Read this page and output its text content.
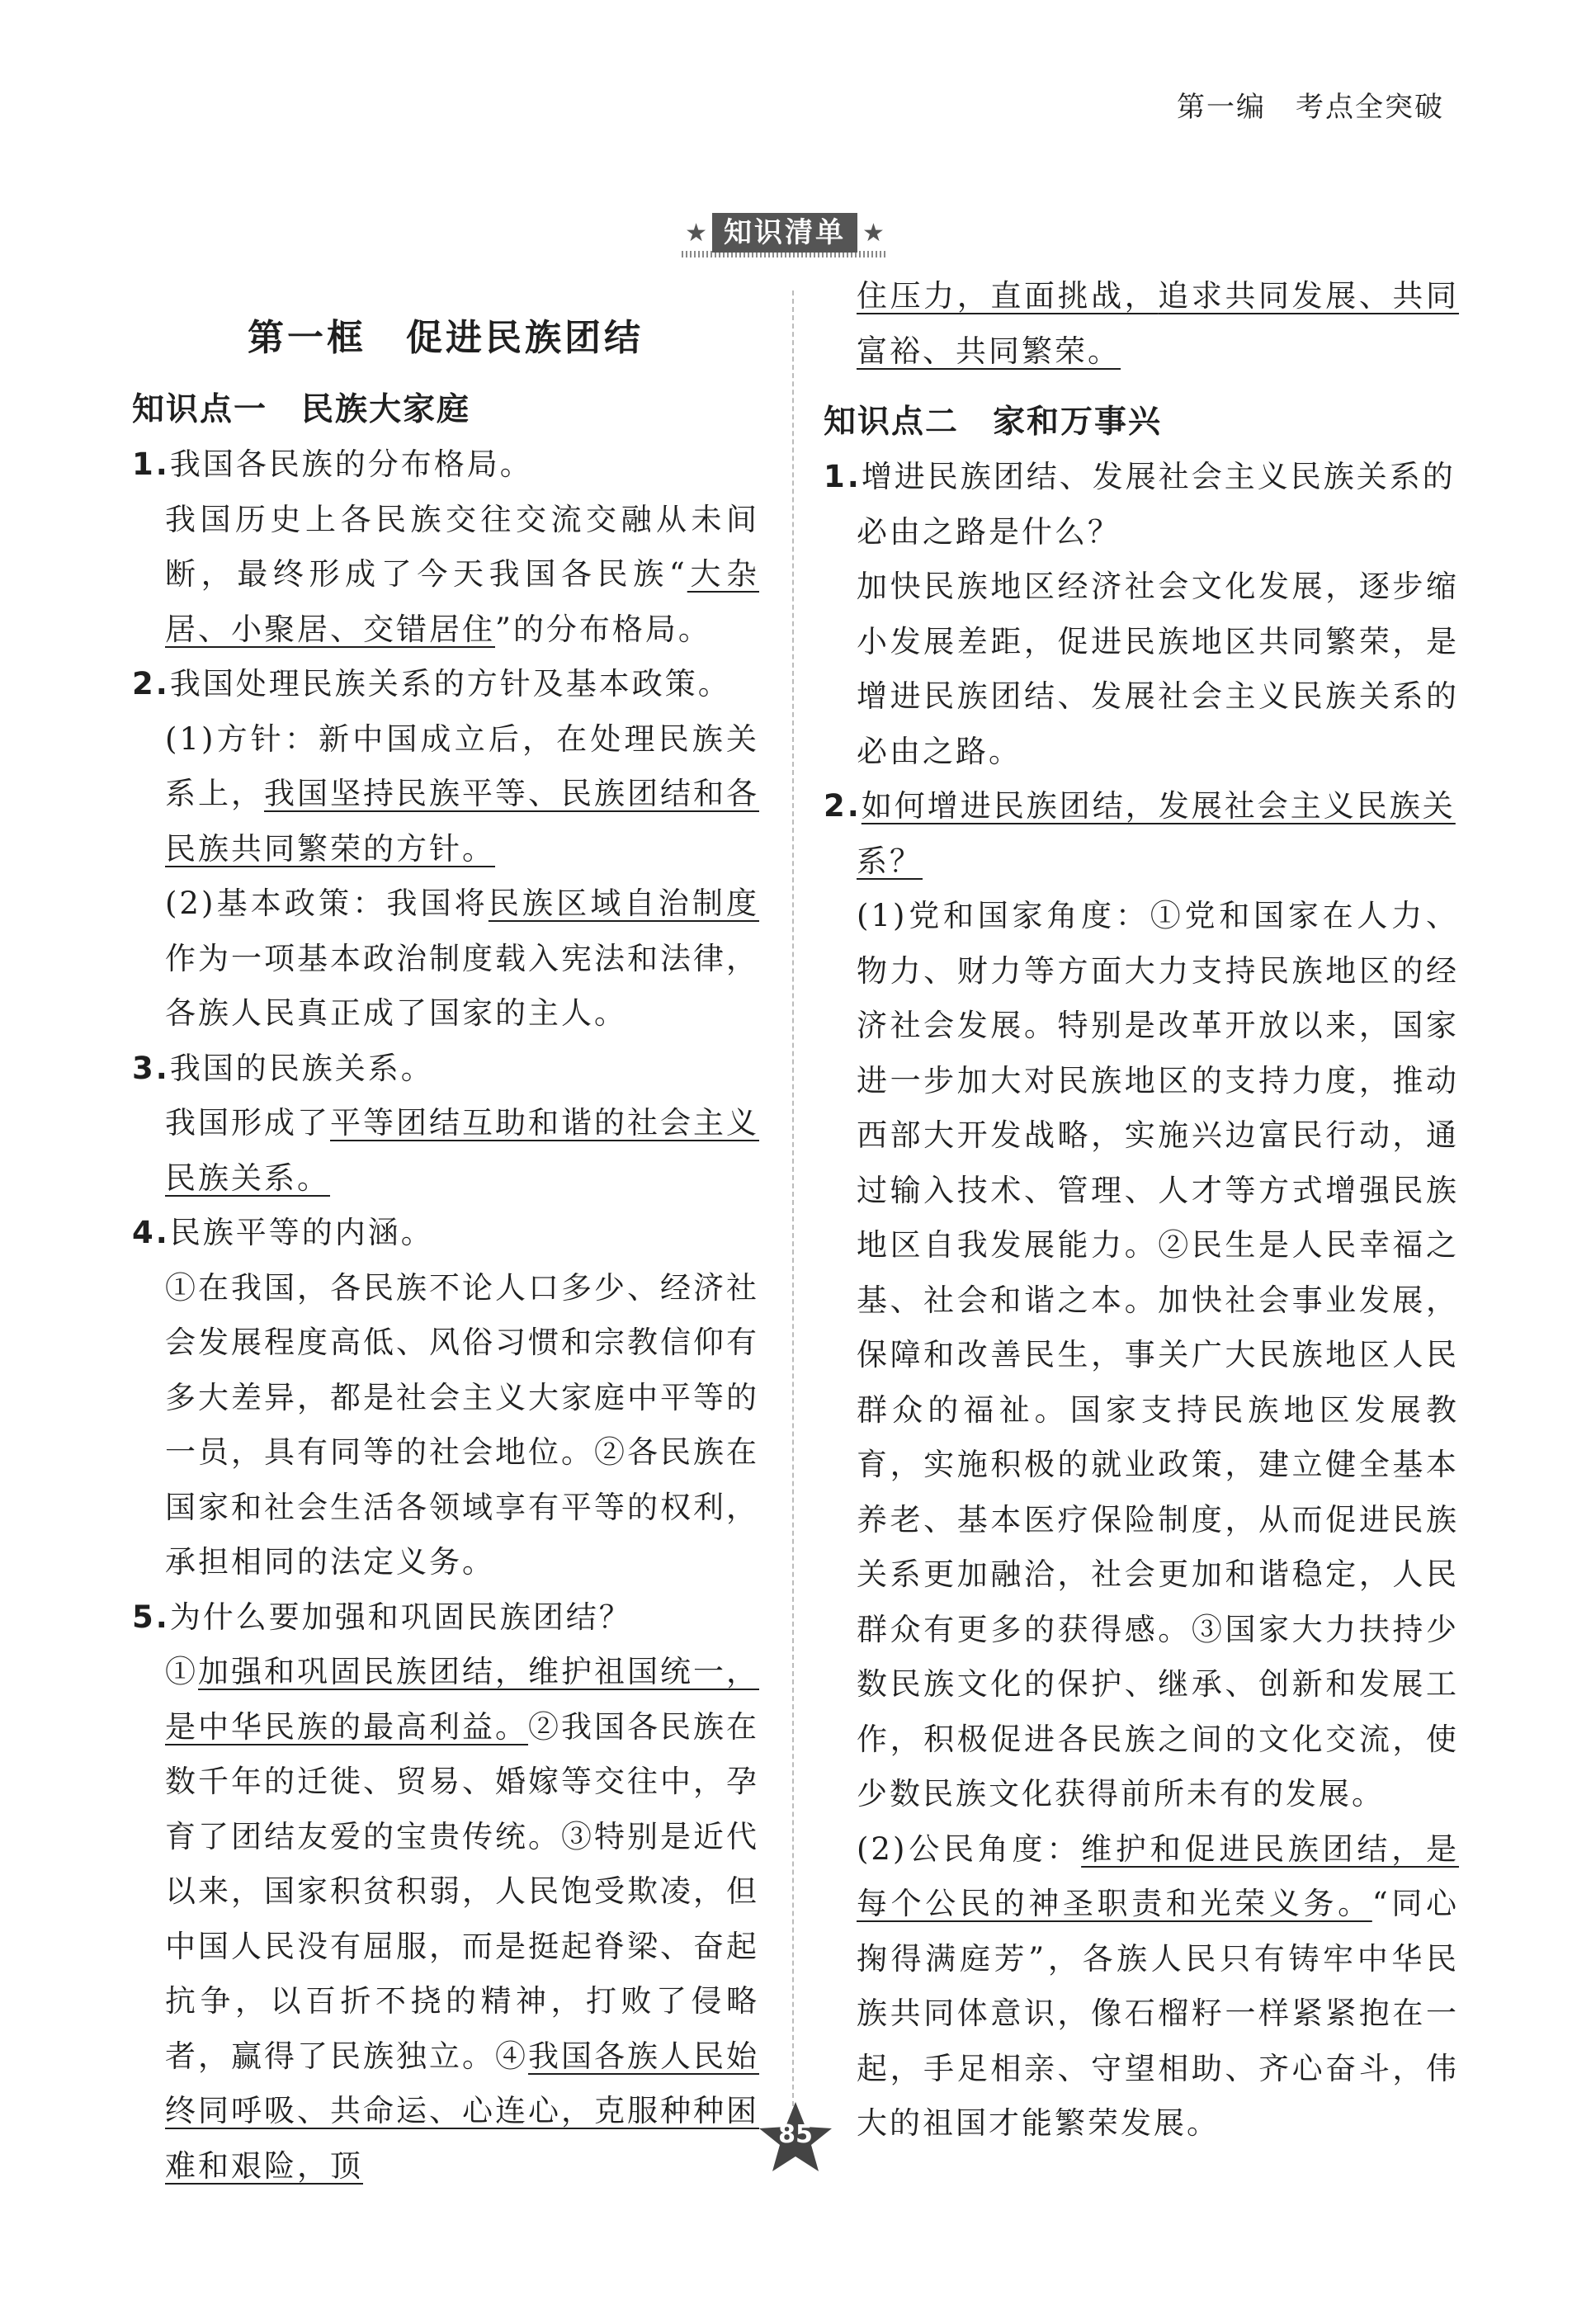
第一编　考点全突破
★ 知识清单 ★
第一框　促进民族团结
知识点一　民族大家庭

1.我国各民族的分布格局。

我国历史上各民族交往交流交融从未间断，最终形成了今天我国各民族“大杂居、小聚居、交错居住”的分布格局。

2.我国处理民族关系的方针及基本政策。

(1)方针：新中国成立后，在处理民族关系上，我国坚持民族平等、民族团结和各民族共同繁荣的方针。

(2)基本政策：我国将民族区域自治制度作为一项基本政治制度载入宪法和法律，各族人民真正成了国家的主人。

3.我国的民族关系。

我国形成了平等团结互助和谐的社会主义民族关系。

4.民族平等的内涵。

①在我国，各民族不论人口多少、经济社会发展程度高低、风俗习惯和宗教信仰有多大差异，都是社会主义大家庭中平等的一员，具有同等的社会地位。②各民族在国家和社会生活各领域享有平等的权利，承担相同的法定义务。

5.为什么要加强和巩固民族团结？

①加强和巩固民族团结，维护祖国统一，是中华民族的最高利益。②我国各民族在数千年的迁徙、贸易、婚嫁等交往中，孕育了团结友爱的宝贵传统。③特别是近代以来，国家积贫积弱，人民饱受欺凌，但中国人民没有屈服，而是挺起脊梁、奋起抗争，以百折不挠的精神，打败了侵略者，赢得了民族独立。④我国各族人民始终同呼吸、共命运、心连心，克服种种困难和艰险，顶

住压力，直面挑战，追求共同发展、共同富裕、共同繁荣。

知识点二　家和万事兴

1.增进民族团结、发展社会主义民族关系的必由之路是什么？

加快民族地区经济社会文化发展，逐步缩小发展差距，促进民族地区共同繁荣，是增进民族团结、发展社会主义民族关系的必由之路。

2.如何增进民族团结，发展社会主义民族关系？

(1)党和国家角度：①党和国家在人力、物力、财力等方面大力支持民族地区的经济社会发展。特别是改革开放以来，国家进一步加大对民族地区的支持力度，推动西部大开发战略，实施兴边富民行动，通过输入技术、管理、人才等方式增强民族地区自我发展能力。②民生是人民幸福之基、社会和谐之本。加快社会事业发展，保障和改善民生，事关广大民族地区人民群众的福祉。国家支持民族地区发展教育，实施积极的就业政策，建立健全基本养老、基本医疗保险制度，从而促进民族关系更加融洽，社会更加和谐稳定，人民群众有更多的获得感。③国家大力扶持少数民族文化的保护、继承、创新和发展工作，积极促进各民族之间的文化交流，使少数民族文化获得前所未有的发展。

(2)公民角度：维护和促进民族团结，是每个公民的神圣职责和光荣义务。“同心掬得满庭芳”，各族人民只有铸牢中华民族共同体意识，像石榴籽一样紧紧抱在一起，手足相亲、守望相助、齐心奋斗，伟大的祖国才能繁荣发展。

85
